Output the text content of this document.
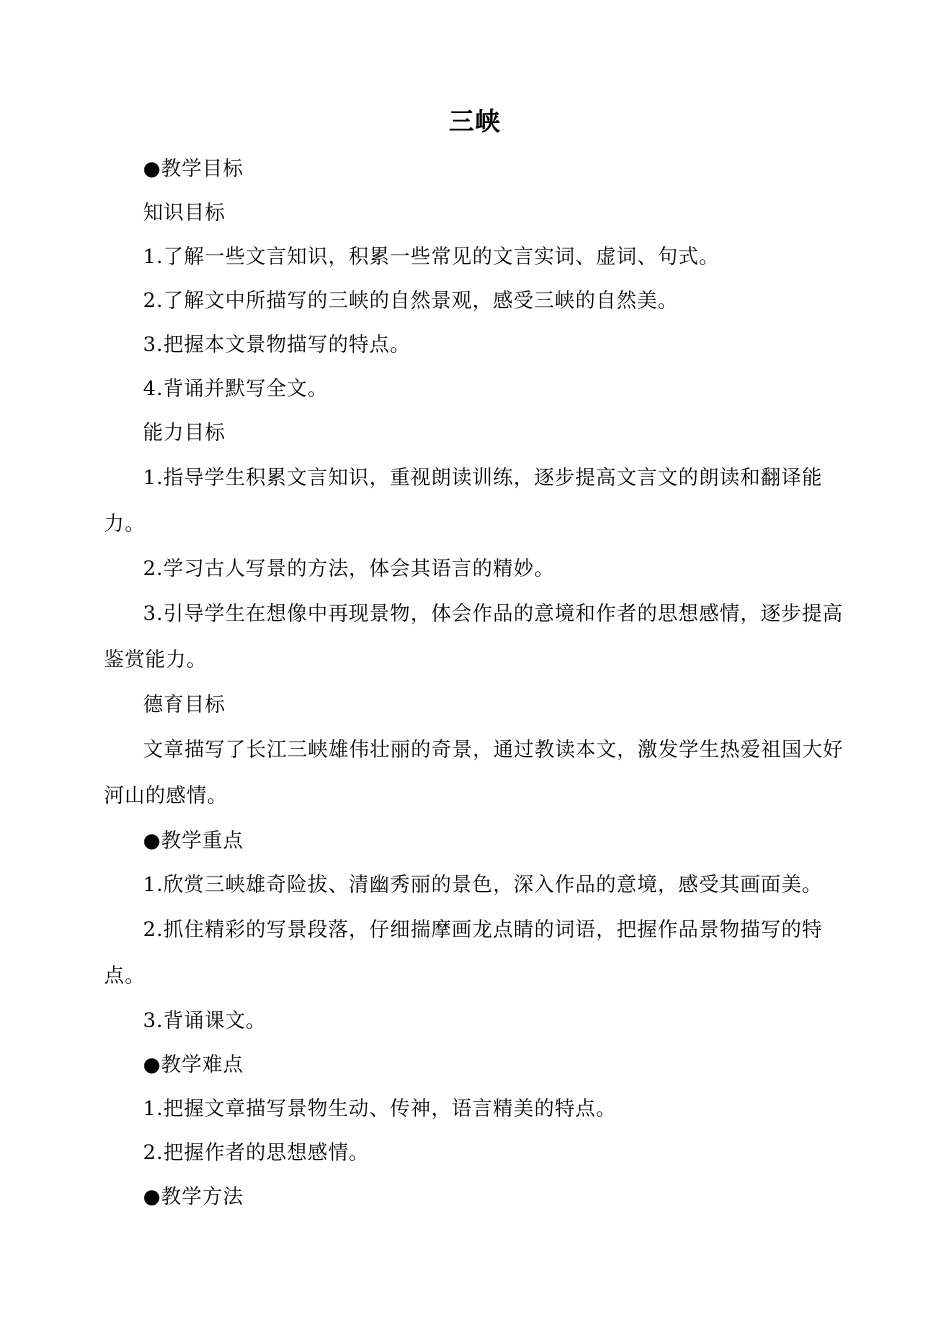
三峡

●教学目标

知识目标

1.了解一些文言知识，积累一些常见的文言实词、虚词、句式。

2.了解文中所描写的三峡的自然景观，感受三峡的自然美。

3.把握本文景物描写的特点。

4.背诵并默写全文。

能力目标

1.指导学生积累文言知识，重视朗读训练，逐步提高文言文的朗读和翻译能力。

2.学习古人写景的方法，体会其语言的精妙。

3.引导学生在想像中再现景物，体会作品的意境和作者的思想感情，逐步提高鉴赏能力。

德育目标

文章描写了长江三峡雄伟壮丽的奇景，通过教读本文，激发学生热爱祖国大好河山的感情。

●教学重点

1.欣赏三峡雄奇险拔、清幽秀丽的景色，深入作品的意境，感受其画面美。

2.抓住精彩的写景段落，仔细揣摩画龙点睛的词语，把握作品景物描写的特点。

3.背诵课文。

●教学难点

1.把握文章描写景物生动、传神，语言精美的特点。

2.把握作者的思想感情。

●教学方法
